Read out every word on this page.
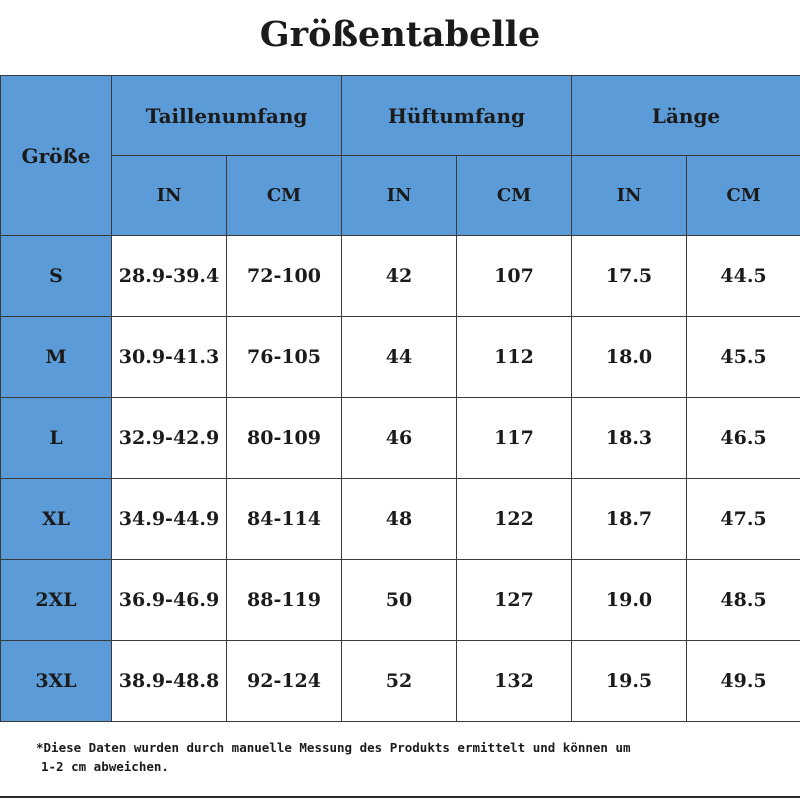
Größentabelle
Größe	Taillenumfang		Hüftumfang		Länge	
	IN	CM	IN	CM	IN	CM
S	28.9-39.4	72-100	42	107	17.5	44.5
M	30.9-41.3	76-105	44	112	18.0	45.5
L	32.9-42.9	80-109	46	117	18.3	46.5
XL	34.9-44.9	84-114	48	122	18.7	47.5
2XL	36.9-46.9	88-119	50	127	19.0	48.5
3XL	38.9-48.8	92-124	52	132	19.5	49.5
*Diese Daten wurden durch manuelle Messung des Produkts ermittelt und können um

1-2 cm abweichen.
